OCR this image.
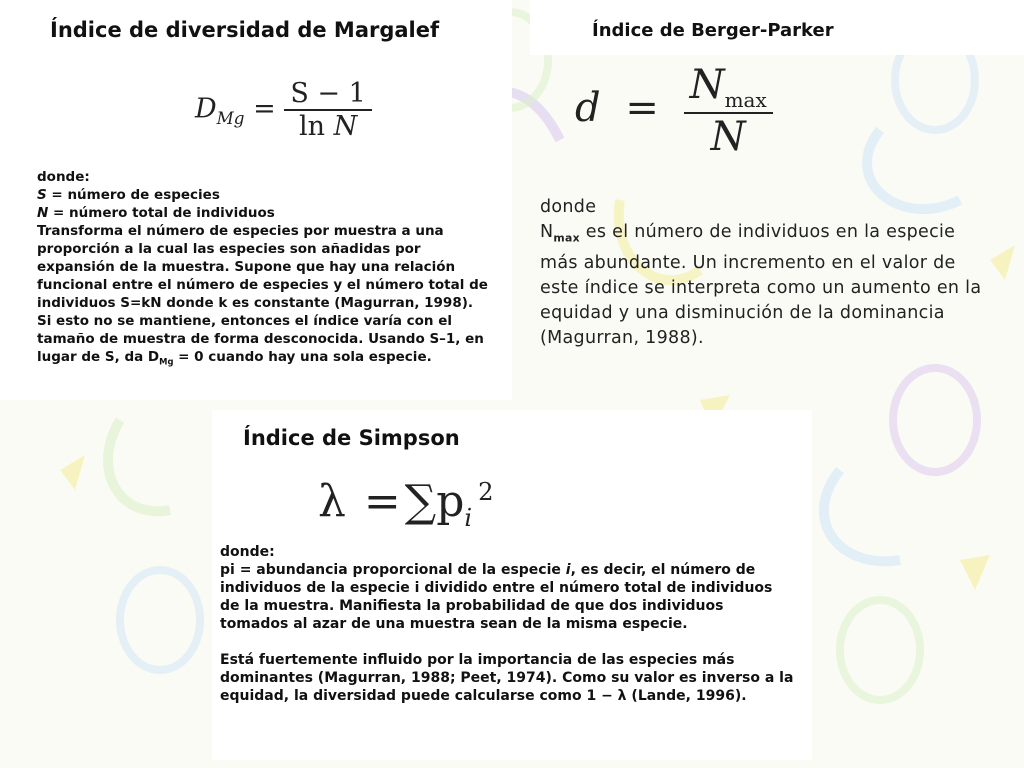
Índice de diversidad de Margalef
$D_{Mg} = \frac{S - 1}{\text{ln N}}$

donde:

S = número de especies

N = número total de individuos

Transforma el número de especies por muestra a una proporción a la cual las especies son añadidas por expansión de la muestra. Supone que hay una relación funcional entre el número de especies y el número total de individuos S=kN donde k es constante (Magurran, 1998). Si esto no se mantiene, entonces el índice varía con el tamaño de muestra de forma desconocida. Usando S–1, en lugar de S, da $D_{Mg} = 0$ cuando hay una sola especie.

Índice de Berger-Parker
$d = \frac{N_{max}}{N}$

donde

$N_{max}$ es el número de individuos en la especie más abundante. Un incremento en el valor de este índice se interpreta como un aumento en la equidad y una disminución de la dominancia (Magurran, 1988).

Índice de Simpson
$\lambda =\sum p_i^2$

donde:

pi = abundancia proporcional de la especie i, es decir, el número de individuos de la especie i dividido entre el número total de individuos de la muestra. Manifiesta la probabilidad de que dos individuos tomados al azar de una muestra sean de la misma especie.

Está fuertemente influido por la importancia de las especies más dominantes (Magurran, 1988; Peet, 1974). Como su valor es inverso a la equidad, la diversidad puede calcularse como 1 − λ (Lande, 1996).
